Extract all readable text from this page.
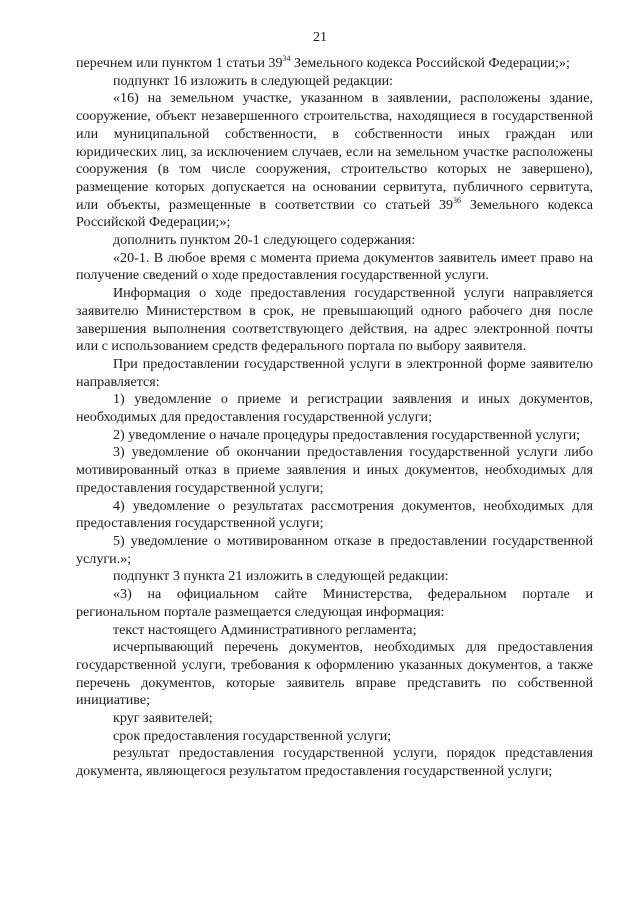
21

перечнем или пунктом 1 статьи $39^{34}$ Земельного кодекса Российской Федерации;»;

подпункт 16 изложить в следующей редакции:

«16) на земельном участке, указанном в заявлении, расположены здание, сооружение, объект незавершенного строительства, находящиеся в государственной или муниципальной собственности, в собственности иных граждан или юридических лиц, за исключением случаев, если на земельном участке расположены сооружения (в том числе сооружения, строительство которых не завершено), размещение которых допускается на основании сервитута, публичного сервитута, или объекты, размещенные в соответствии со статьей $39^{36}$ Земельного кодекса Российской Федерации;»;

дополнить пунктом 20-1 следующего содержания:

«20-1. В любое время с момента приема документов заявитель имеет право на получение сведений о ходе предоставления государственной услуги.

Информация о ходе предоставления государственной услуги направляется заявителю Министерством в срок, не превышающий одного рабочего дня после завершения выполнения соответствующего действия, на адрес электронной почты или с использованием средств федерального портала по выбору заявителя.

При предоставлении государственной услуги в электронной форме заявителю направляется:

1) уведомление о приеме и регистрации заявления и иных документов, необходимых для предоставления государственной услуги;

2) уведомление о начале процедуры предоставления государственной услуги;

3) уведомление об окончании предоставления государственной услуги либо мотивированный отказ в приеме заявления и иных документов, необходимых для предоставления государственной услуги;

4) уведомление о результатах рассмотрения документов, необходимых для предоставления государственной услуги;

5) уведомление о мотивированном отказе в предоставлении государственной услуги.»;

подпункт 3 пункта 21 изложить в следующей редакции:

«3) на официальном сайте Министерства, федеральном портале и региональном портале размещается следующая информация:

текст настоящего Административного регламента;

исчерпывающий перечень документов, необходимых для предоставления государственной услуги, требования к оформлению указанных документов, а также перечень документов, которые заявитель вправе представить по собственной инициативе;

круг заявителей;

срок предоставления государственной услуги;

результат предоставления государственной услуги, порядок представления документа, являющегося результатом предоставления государственной услуги;
